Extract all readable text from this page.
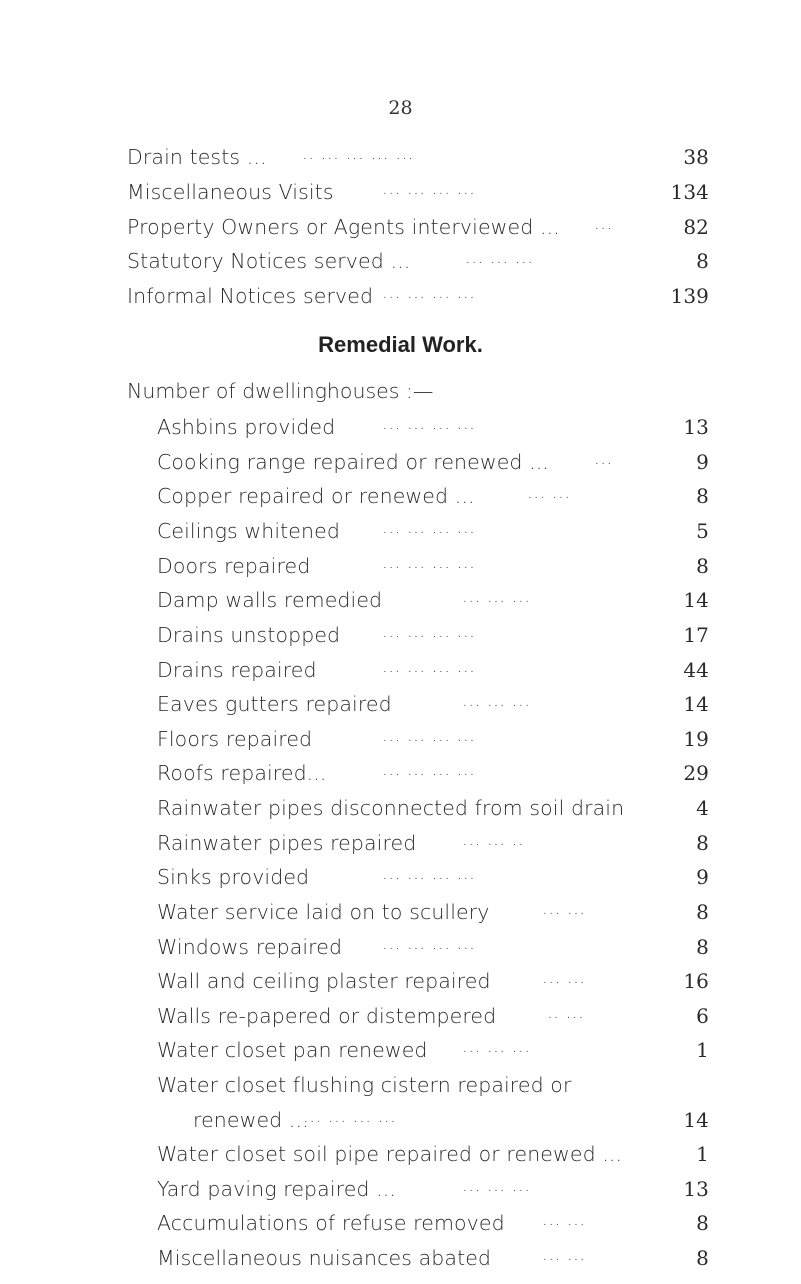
28
Drain tests ... .. ... ... ... ...	38
Miscellaneous Visits	... ... ... ...	134
Property Owners or Agents interviewed ... ...	82
Statutory Notices served ...	... ... ...	8
Informal Notices served ... ... ... ...	139
Remedial Work.
Number of dwellinghouses :—
Ashbins provided	... ... ... ...	13
Cooking range repaired or renewed ... ...	9
Copper repaired or renewed ...	... ...	8
Ceilings whitened ... ... ... ...	5
Doors repaired	... ... ... ...	8
Damp walls remedied	... ... ...	14
Drains unstopped ... ... ... ...	17
Drains repaired	... ... ... ...	44
Eaves gutters repaired	... ... ...	14
Floors repaired	... ... ... ...	19
Roofs repaired...	... ... ... ...	29
Rainwater pipes disconnected from soil drain	4
Rainwater pipes repaired	... ... ..	8
Sinks provided	... ... ... ...	9
Water service laid on to scullery	... ...	8
Windows repaired ... ... ... ...	8
Wall and ceiling plaster repaired	... ...	16
Walls re-papered or distempered	.. ...	6
Water closet pan renewed ... ... ...	1
Water closet flushing cistern repaired or
renewed ...
... ... ... ...	14
Water closet soil pipe repaired or renewed ...	1
Yard paving repaired ...	... ... ...	13
Accumulations of refuse removed ... ...	8
Miscellaneous nuisances abated	... ...	8
